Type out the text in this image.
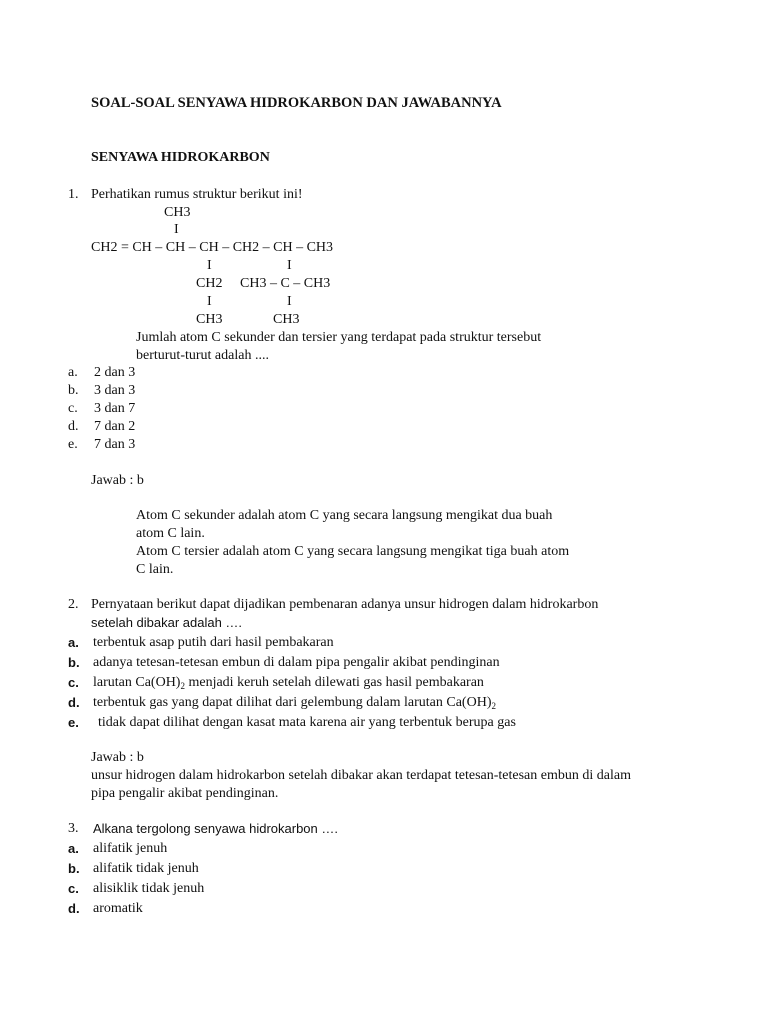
SOAL-SOAL SENYAWA HIDROKARBON DAN JAWABANNYA
SENYAWA HIDROKARBON
1. Perhatikan rumus struktur berikut ini!
CH3
I
CH2 = CH – CH – CH – CH2 – CH – CH3
I	I
CH2 CH3 – C – CH3
I	I
CH3	CH3
Jumlah atom C sekunder dan tersier yang terdapat pada struktur tersebut
berturut-turut adalah ....
a. 2 dan 3
b. 3 dan 3
c. 3 dan 7
d. 7 dan 2
e. 7 dan 3
Jawab : b
Atom C sekunder adalah atom C yang secara langsung mengikat dua buah
atom C lain.
Atom C tersier adalah atom C yang secara langsung mengikat tiga buah atom
C lain.
2. Pernyataan berikut dapat dijadikan pembenaran adanya unsur hidrogen dalam hidrokarbon
setelah dibakar adalah ….
a. terbentuk asap putih dari hasil pembakaran
b. adanya tetesan-tetesan embun di dalam pipa pengalir akibat pendinginan
c. larutan $Ca(OH)_2$ menjadi keruh setelah dilewati gas hasil pembakaran
d. terbentuk gas yang dapat dilihat dari gelembung dalam larutan $Ca(OH)_2$
e. tidak dapat dilihat dengan kasat mata karena air yang terbentuk berupa gas
Jawab : b
unsur hidrogen dalam hidrokarbon setelah dibakar akan terdapat tetesan-tetesan embun di dalam
pipa pengalir akibat pendinginan.
3. Alkana tergolong senyawa hidrokarbon ….
a. alifatik jenuh
b. alifatik tidak jenuh
c. alisiklik tidak jenuh
d. aromatik
